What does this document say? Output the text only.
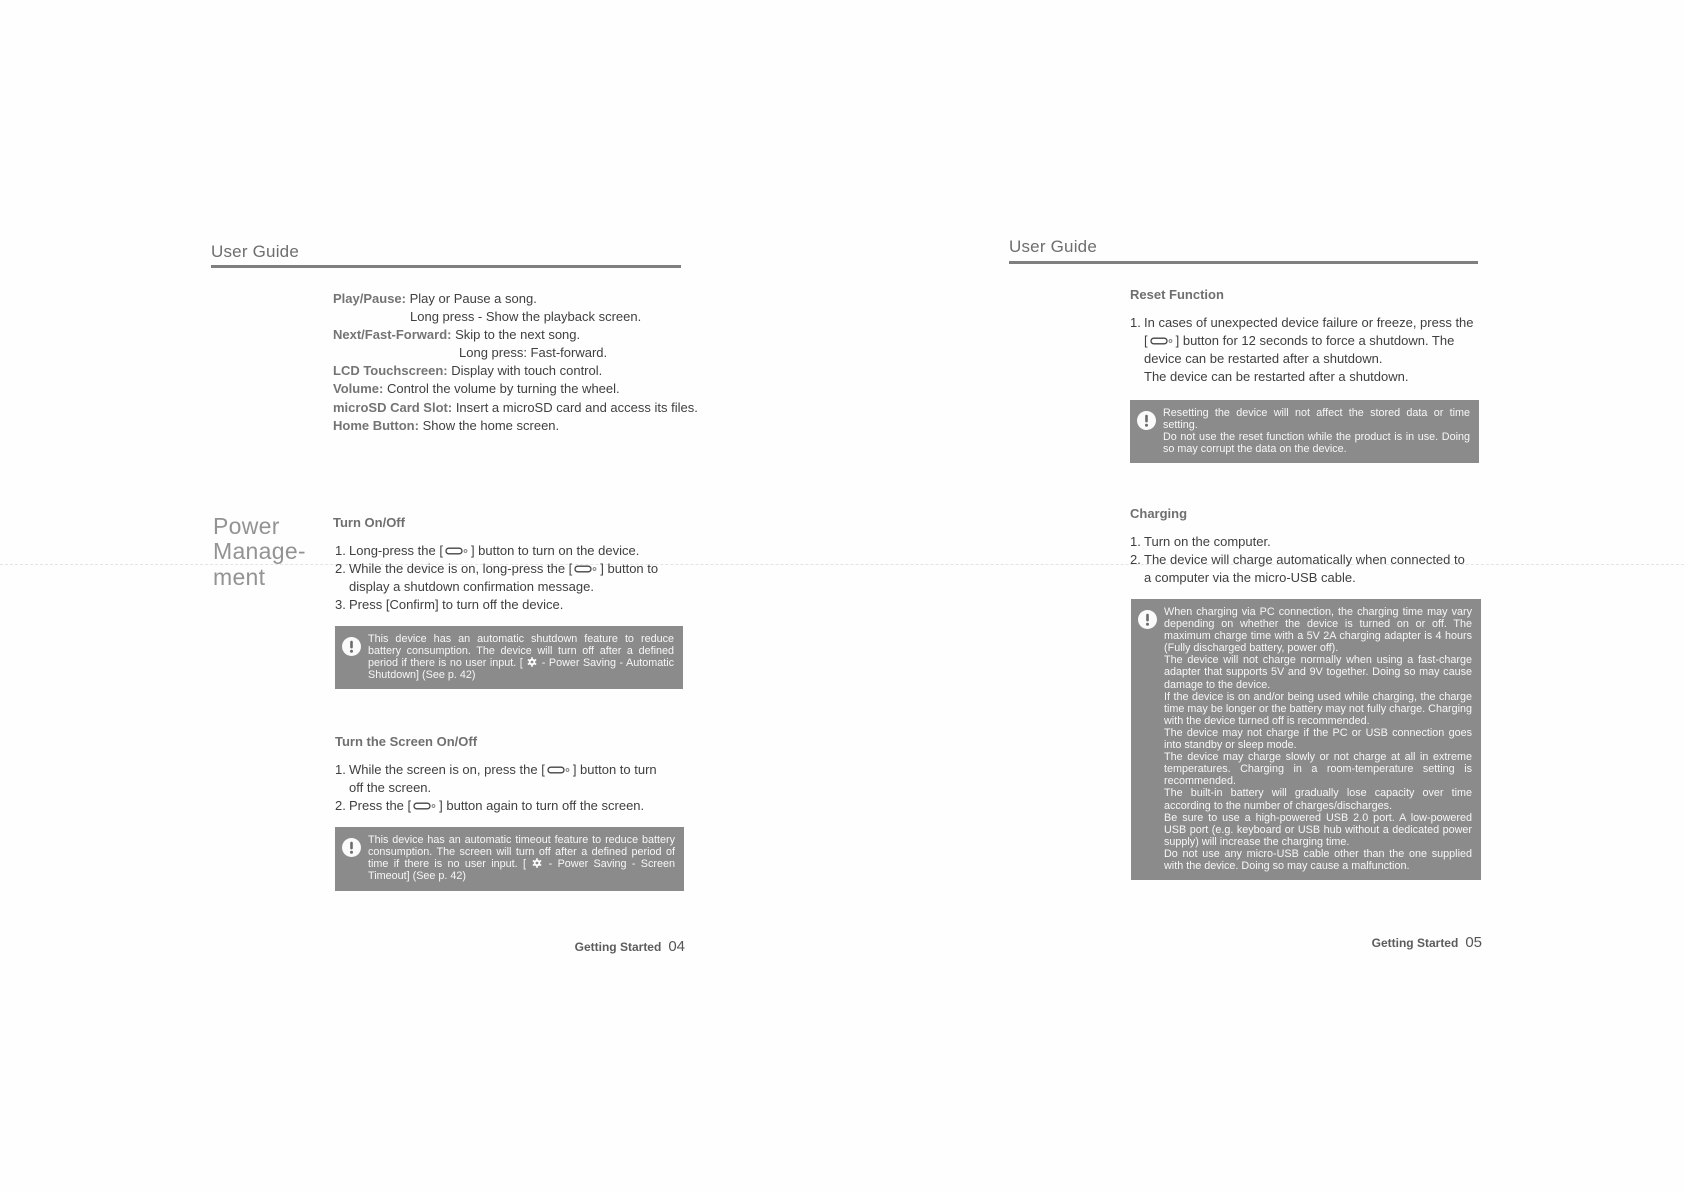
User Guide
Play/Pause: Play or Pause a song.
Long press - Show the playback screen.
Next/Fast-Forward: Skip to the next song.
Long press: Fast-forward.
LCD Touchscreen: Display with touch control.
Volume: Control the volume by turning the wheel.
microSD Card Slot: Insert a microSD card and access its files.
Home Button: Show the home screen.
Power
Manage-
ment
Turn On/Off
1. Long-press the [ ] button to turn on the device.
2. While the device is on, long-press the [ ] button to
display a shutdown confirmation message.
3. Press [Confirm] to turn off the device.

This device has an automatic shutdown feature to reduce battery consumption. The device will turn off after a defined period if there is no user input. [  - Power Saving - Automatic Shutdown] (See p. 42)

Turn the Screen On/Off
1. While the screen is on, press the [ ] button to turn
off the screen.
2. Press the [ ] button again to turn off the screen.

This device has an automatic timeout feature to reduce battery consumption. The screen will turn off after a defined period of time if there is no user input. [  - Power Saving - Screen Timeout] (See p. 42)

Getting Started 04
User Guide
Reset Function
1. In cases of unexpected device failure or freeze, press the
[ ] button for 12 seconds to force a shutdown. The
device can be restarted after a shutdown.
The device can be restarted after a shutdown.

Resetting the device will not affect the stored data or time setting.

Do not use the reset function while the product is in use. Doing so may corrupt the data on the device.

Charging
1. Turn on the computer.
2. The device will charge automatically when connected to
a computer via the micro-USB cable.

When charging via PC connection, the charging time may vary depending on whether the device is turned on or off. The maximum charge time with a 5V 2A charging adapter is 4 hours (Fully discharged battery, power off).

The device will not charge normally when using a fast-charge adapter that supports 5V and 9V together. Doing so may cause damage to the device.

If the device is on and/or being used while charging, the charge time may be longer or the battery may not fully charge. Charging with the device turned off is recommended.

The device may not charge if the PC or USB connection goes into standby or sleep mode.

The device may charge slowly or not charge at all in extreme temperatures. Charging in a room-temperature setting is recommended.

The built-in battery will gradually lose capacity over time according to the number of charges/discharges.

Be sure to use a high-powered USB 2.0 port. A low-powered USB port (e.g. keyboard or USB hub without a dedicated power supply) will increase the charging time.

Do not use any micro-USB cable other than the one supplied with the device. Doing so may cause a malfunction.

Getting Started 05
